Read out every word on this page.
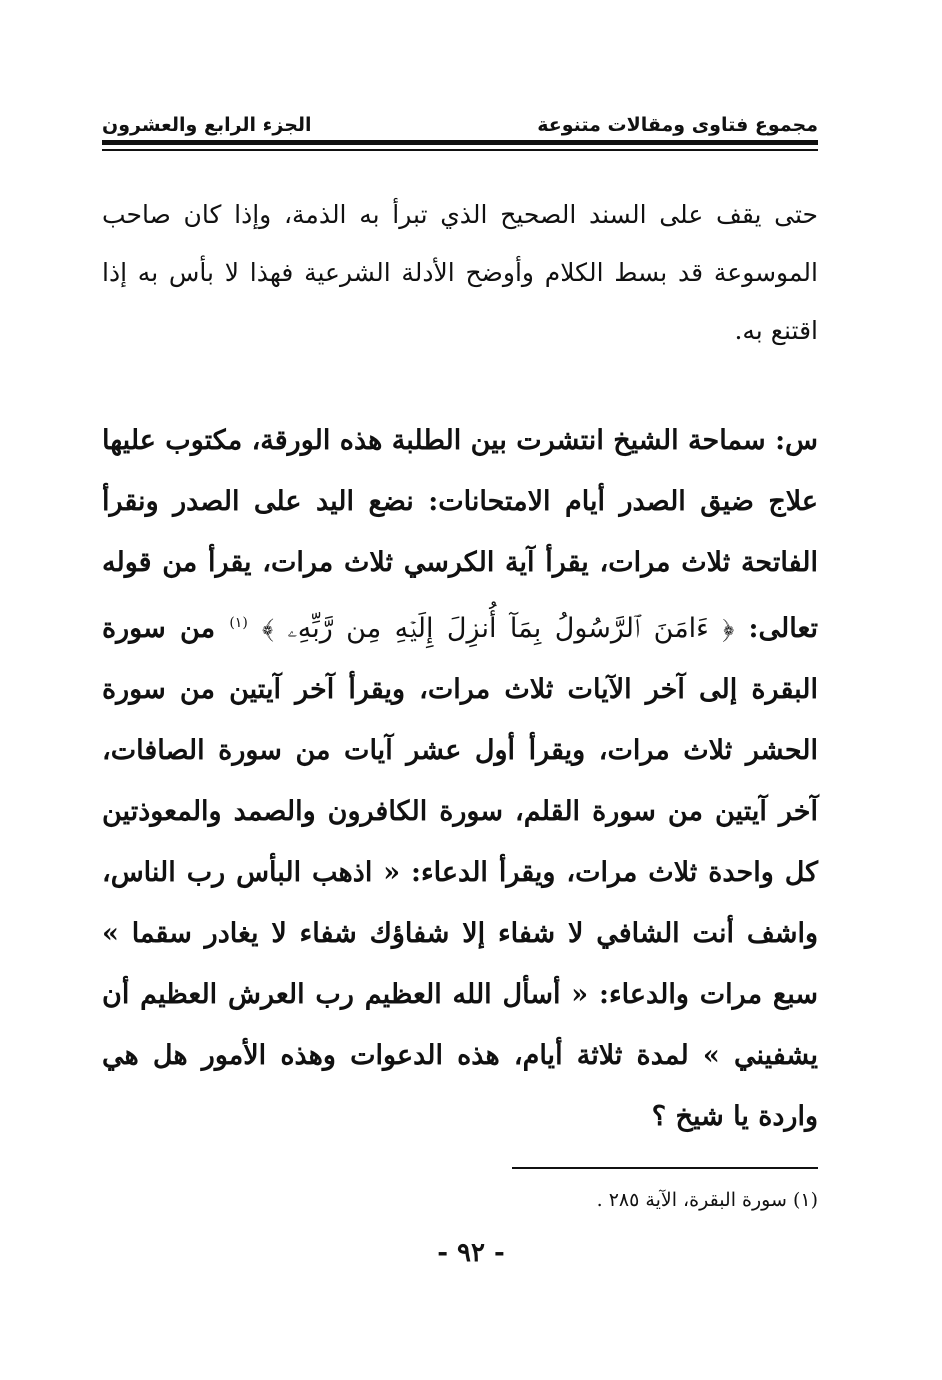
مجموع فتاوى ومقالات متنوعة
الجزء الرابع والعشرون

حتى يقف على السند الصحيح الذي تبرأ به الذمة، وإذا كان صاحب الموسوعة قد بسط الكلام وأوضح الأدلة الشرعية فهذا لا بأس به إذا اقتنع به.

س: سماحة الشيخ انتشرت بين الطلبة هذه الورقة، مكتوب عليها علاج ضيق الصدر أيام الامتحانات: نضع اليد على الصدر ونقرأ الفاتحة ثلاث مرات، يقرأ آية الكرسي ثلاث مرات، يقرأ من قوله تعالى: ﴿ ءَامَنَ ٱلرَّسُولُ بِمَآ أُنزِلَ إِلَيۡهِ مِن رَّبِّهِۦ ﴾ $^{(١)}$ من سورة البقرة إلى آخر الآيات ثلاث مرات، ويقرأ آخر آيتين من سورة الحشر ثلاث مرات، ويقرأ أول عشر آيات من سورة الصافات، آخر آيتين من سورة القلم، سورة الكافرون والصمد والمعوذتين كل واحدة ثلاث مرات، ويقرأ الدعاء: « اذهب البأس رب الناس، واشف أنت الشافي لا شفاء إلا شفاؤك شفاء لا يغادر سقما » سبع مرات والدعاء: « أسأل الله العظيم رب العرش العظيم أن يشفيني » لمدة ثلاثة أيام، هذه الدعوات وهذه الأمور هل هي واردة يا شيخ ؟

(١) سورة البقرة، الآية ٢٨٥ .
- ٩٢ -
